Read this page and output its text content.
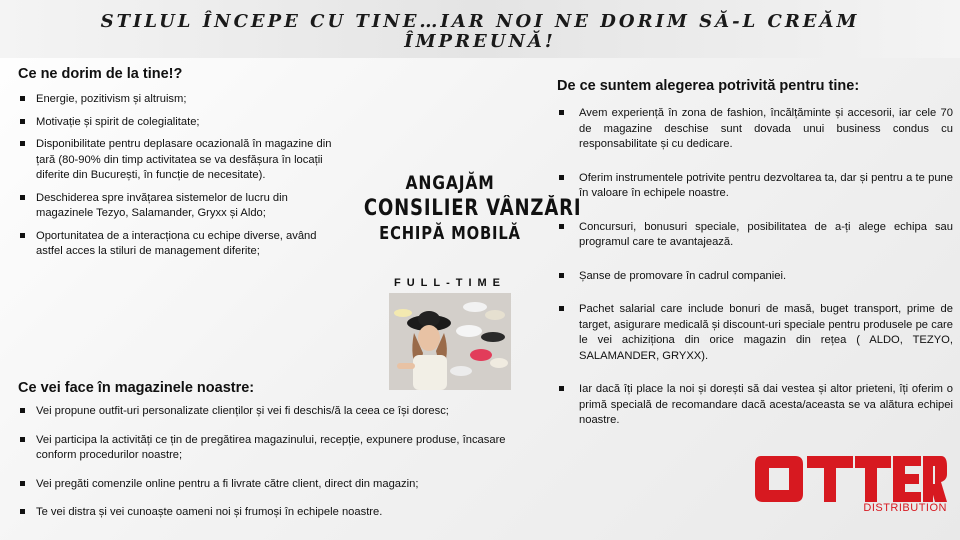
STILUL ÎNCEPE CU TINE…IAR NOI NE DORIM SĂ-L CREĂM
ÎMPREUNĂ!
Ce ne dorim de la tine!?
Energie, pozitivism și altruism;
Motivație și spirit de colegialitate;
Disponibilitate pentru deplasare ocazională în magazine din țară (80-90% din timp activitatea se va desfășura în locații diferite din București, în funcție de necesitate).
Deschiderea spre invățarea sistemelor de lucru din magazinele Tezyo, Salamander, Gryxx și Aldo;
Oportunitatea de a interacționa cu echipe diverse, având astfel acces la stiluri de management diferite;
Ce vei face în magazinele noastre:
Vei propune outfit-uri personalizate clienților și vei fi deschis/ă la ceea ce își doresc;
Vei participa la activități ce țin de pregătirea magazinului, recepție, expunere produse, încasare conform procedurilor noastre;
Vei pregăti comenzile online pentru a fi livrate către client, direct din magazin;
Te vei distra și vei cunoaște oameni noi și frumoși în echipele noastre.
De ce suntem alegerea potrivită pentru tine:
Avem experiență în zona de fashion, încălțăminte și accesorii, iar cele 70 de magazine deschise sunt dovada unui business condus cu responsabilitate și cu dedicare.
Oferim instrumentele potrivite pentru dezvoltarea ta, dar și pentru a te pune în valoare în echipele noastre.
Concursuri, bonusuri speciale, posibilitatea de a-ți alege echipa sau programul care te avantajează.
Șanse de promovare în cadrul companiei.
Pachet salarial care include bonuri de masă, buget transport, prime de target, asigurare medicală și discount-uri speciale pentru produsele pe care le vei achiziționa din orice magazin din rețea ( ALDO, TEZYO, SALAMANDER, GRYXX).
Iar dacă îți place la noi și dorești să dai vestea și altor prieteni, îți oferim o primă specială de recomandare dacă acesta/aceasta se va alătura echipei noastre.
ANGAJĂM
CONSILIER VÂNZĂRI
ECHIPĂ MOBILĂ
FULL-TIME
DISTRIBUTION
